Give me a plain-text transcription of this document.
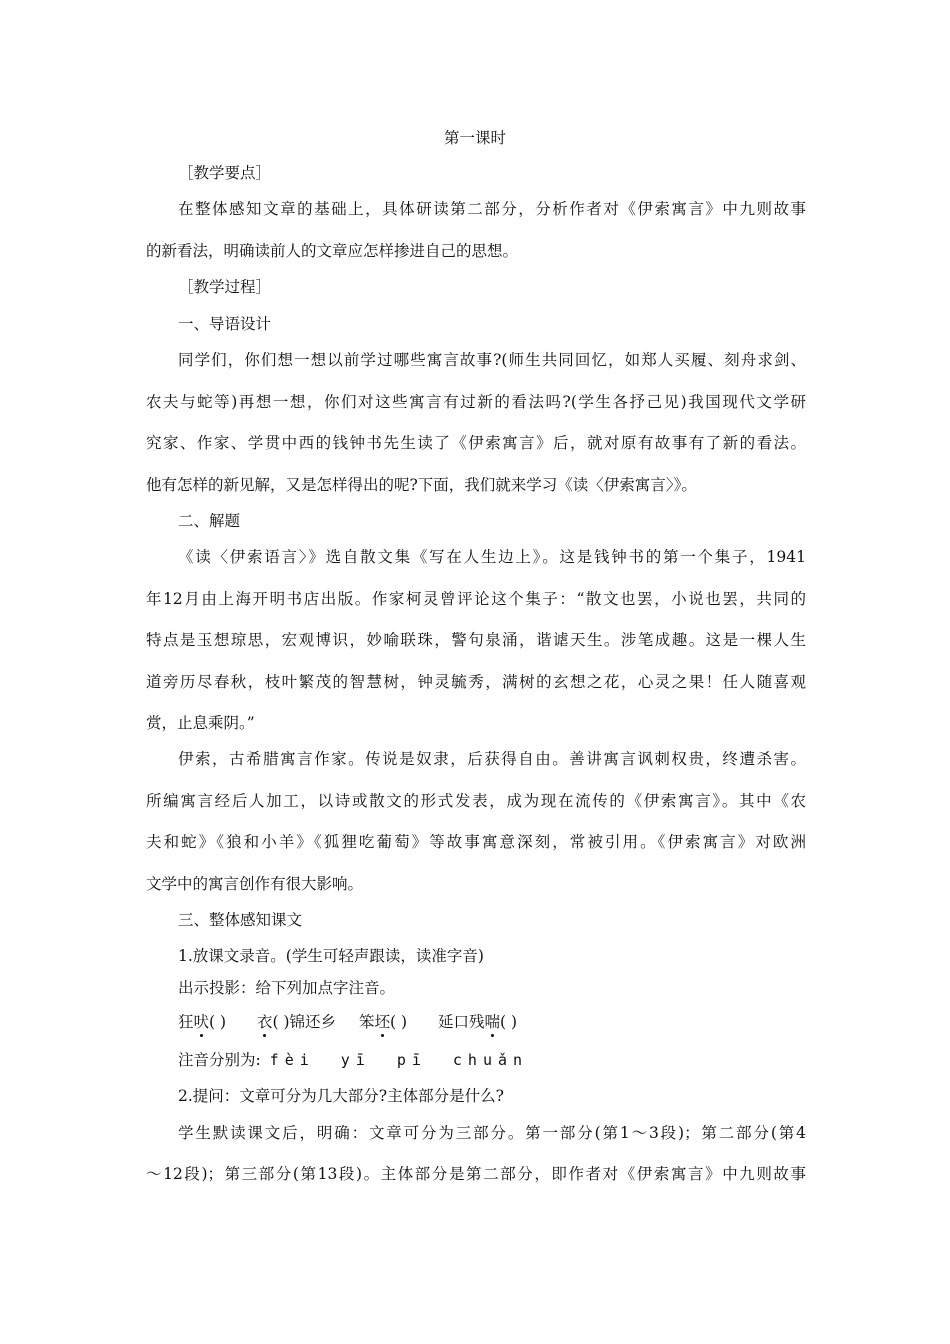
第一课时

［教学要点］

在整体感知文章的基础上，具体研读第二部分，分析作者对《伊索寓言》中九则故事

的新看法，明确读前人的文章应怎样掺进自己的思想。

［教学过程］

一、导语设计

同学们，你们想一想以前学过哪些寓言故事?(师生共同回忆，如郑人买履、刻舟求剑、

农夫与蛇等)再想一想，你们对这些寓言有过新的看法吗?(学生各抒己见)我国现代文学研

究家、作家、学贯中西的钱钟书先生读了《伊索寓言》后，就对原有故事有了新的看法。

他有怎样的新见解，又是怎样得出的呢?下面，我们就来学习《读〈伊索寓言〉》。

二、解题

《读〈伊索语言〉》选自散文集《写在人生边上》。这是钱钟书的第一个集子，1941

年12月由上海开明书店出版。作家柯灵曾评论这个集子：“散文也罢，小说也罢，共同的

特点是玉想琼思，宏观博识，妙喻联珠，警句泉涌，谐谑天生。涉笔成趣。这是一棵人生

道旁历尽春秋，枝叶繁茂的智慧树，钟灵毓秀，满树的玄想之花，心灵之果！任人随喜观

赏，止息乘阴。”

伊索，古希腊寓言作家。传说是奴隶，后获得自由。善讲寓言讽刺权贵，终遭杀害。

所编寓言经后人加工，以诗或散文的形式发表，成为现在流传的《伊索寓言》。其中《农

夫和蛇》《狼和小羊》《狐狸吃葡萄》等故事寓意深刻，常被引用。《伊索寓言》对欧洲

文学中的寓言创作有很大影响。

三、整体感知课文

1.放课文录音。(学生可轻声跟读，读准字音)

出示投影：给下列加点字注音。

狂吠( ) 衣( )锦还乡 笨坯( ) 延口残喘( )

注音分别为: fèi yī pī chuǎn

2.提问：文章可分为几大部分?主体部分是什么?

学生默读课文后，明确：文章可分为三部分。第一部分(第1～3段)；第二部分(第4

～12段)；第三部分(第13段)。主体部分是第二部分，即作者对《伊索寓言》中九则故事
